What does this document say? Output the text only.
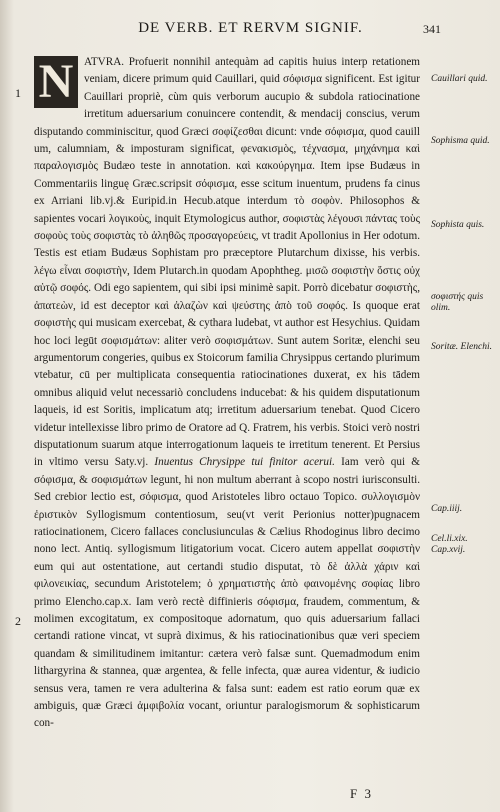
DE VERB. ET RERVM SIGNIF.	341
1
2
Cauillari quid.
Sophisma quid.
Sophista quis.
σοφιστής quis olim.
Soritæ. Elenchi.
Cap.iiij.
Cel.li.xix. Cap.xvij.

N ATVRA. Profuerit nonnihil antequàm ad capitis huius interp retationem veniam, dicere primum quid Cauillari, quid σόφισμα significent. Est igitur Cauillari propriè, cùm quis verborum aucupio & subdola ratiocinatione irretitum aduersarium conuincere contendit, & mendacij conscius, verum disputando comminiscitur, quod Græci σοφίζεσθαι dicunt: vnde σόφισμα, quod cauill um, calumniam, & imposturam significat, φενακισμὸς, τέχνασμα, μηχάνημα καὶ παραλογισμὸς Budæo teste in annotation. καὶ κακούργημα. Item ipse Budæus in Commentariis linguę Græc.scripsit σόφισμα, esse scitum inuentum, prudens fa cinus ex Arriani lib.vj.& Euripid.in Hecub.atque interdum τὸ σοφὸν. Philosophos & sapientes vocari λογικοὺς, inquit Etymologicus author, σοφιστὰς λέγουσι πάντας τοὺς σοφοὺς τοὺς σοφιστὰς τὸ ἀληθῶς προσαγορεύεις, vt tradit Apollonius in Her odotum. Testis est etiam Budæus Sophistam pro præceptore Plutarchum dixisse, his verbis. λέγω εἶναι σοφιστὴν, Idem Plutarch.in quodam Apophtheg. μισῶ σοφιστὴν ὅστις οὐχ αὑτῷ σοφός. Odi ego sapientem, qui sibi ipsi minimè sapit. Porrò dicebatur σοφιστὴς, ἀπατεὼν, id est deceptor καὶ ἀλαζὼν καὶ ψεύστης ἀπὸ τοῦ σοφός. Is quoque erat σοφιστὴς qui musicam exercebat, & cythara ludebat, vt author est Hesychius. Quidam hoc loci legūt σοφισμάτων: aliter verò σοφισμάτων. Sunt autem Soritæ, elenchi seu argumentorum congeries, quibus ex Stoicorum familia Chrysippus certando plurimum vtebatur, cū per multiplicata consequentia ratiocinationes duxerat, ex his tādem omnibus aliquid velut necessariò concludens inducebat: & his quidem disputationum laqueis, id est Soritis, implicatum atq; irretitum aduersarium tenebat. Quod Cicero videtur intellexisse libro primo de Oratore ad Q. Fratrem, his verbis. Stoici verò nostri disputationum suarum atque interrogationum laqueis te irretitum tenerent. Et Persius in vltimo versu Saty.vj. Inuentus Chrysippe tui finitor acerui. Iam verò qui & σόφισμα, & σοφισμάτων legunt, hi non multum aberrant à scopo nostri iurisconsulti. Sed crebior lectio est, σόφισμα, quod Aristoteles libro octauo Topico. συλλογισμὸν ἐριστικὸν Syllogismum contentiosum, seu(vt verit Perionius notter)pugnacem ratiocinationem, Cicero fallaces conclusiunculas & Cælius Rhodoginus libro decimo nono lect. Antiq. syllogismum litigatorium vocat. Cicero autem appellat σοφιστὴν eum qui aut ostentatione, aut certandi studio disputat, τὸ δὲ ἀλλὰ χάριν καὶ φιλονεικίας, secundum Aristotelem; ὁ χρηματιστὴς ἀπὸ φαινομένης σοφίας libro primo Elencho.cap.x. Iam verò rectè diffinieris σόφισμα, fraudem, commentum, & molimen excogitatum, ex compositoque adornatum, quo quis aduersarium fallaci certandi ratione vincat, vt suprà diximus, & his ratiocinationibus quæ veri speciem quandam & similitudinem imitantur: cætera verò falsæ sunt. Quemadmodum enim lithargyrina & stannea, quæ argentea, & felle infecta, quæ aurea videntur, & iudicio sensus vera, tamen re vera adulterina & falsa sunt: eadem est ratio eorum quæ ex ambiguis, quæ Græci ἀμφιβολία vocant, oriuntur paralogismorum & sophisticarum con-

F 3
